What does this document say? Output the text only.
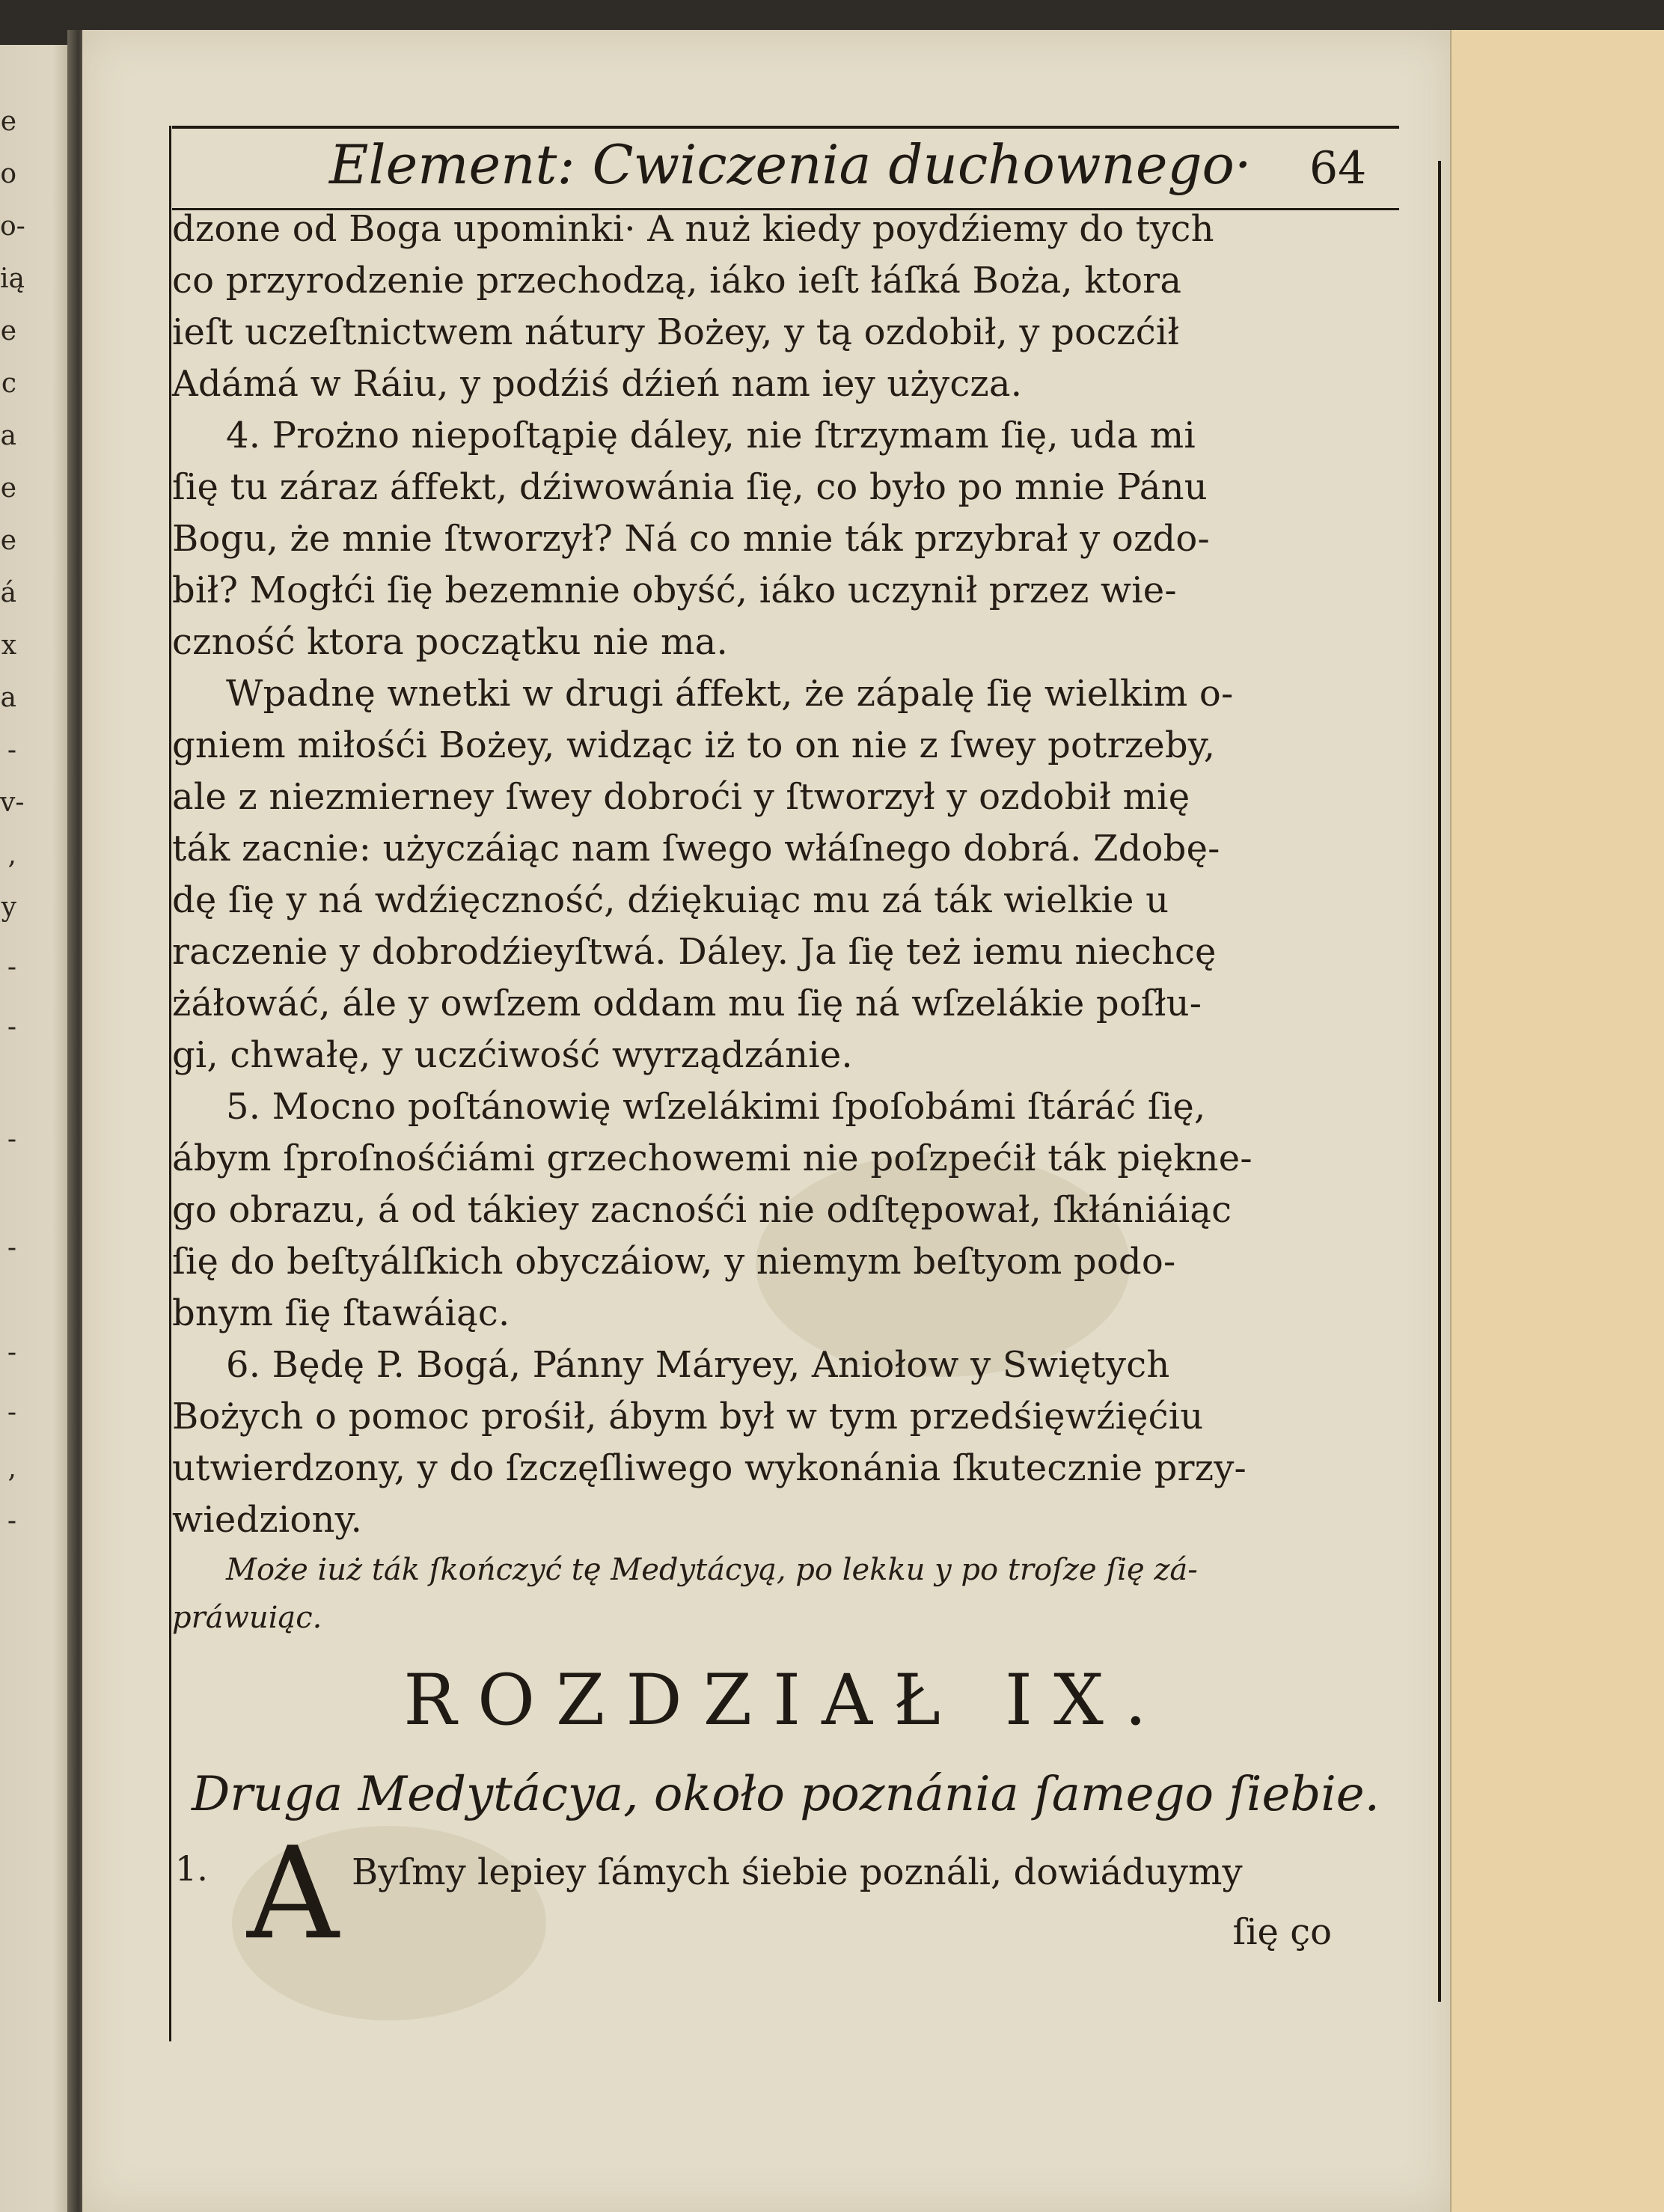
e
o
o-
ią
e
c
a
e
e
á
x
a
-
v-
,
y
-
-
-
-
-
-
,
-
Element: Cwiczenia duchownego· 64
dzone od Boga upominki· A nuż kiedy poydźiemy do tych
co przyrodzenie przechodzą, iáko ieſt łáſká Boża, ktora
ieſt uczeſtnictwem nátury Bożey, y tą ozdobił, y poczćił
Adámá w Ráiu, y podźiś dźień nam iey użycza.
4. Prożno niepoſtąpię dáley, nie ſtrzymam ſię, uda mi
ſię tu záraz áffekt, dźiwowánia ſię, co było po mnie Pánu
Bogu, że mnie ſtworzył? Ná co mnie ták przybrał y ozdo-
bił? Mogłći ſię bezemnie obyść, iáko uczynił przez wie-
czność ktora początku nie ma.
Wpadnę wnetki w drugi áffekt, że zápalę ſię wielkim o-
gniem miłośći Bożey, widząc iż to on nie z ſwey potrzeby,
ale z niezmierney ſwey dobroći y ſtworzył y ozdobił mię
ták zacnie: użyczáiąc nam ſwego włáſnego dobrá. Zdobę-
dę ſię y ná wdźięczność, dźiękuiąc mu zá ták wielkie u
raczenie y dobrodźieyſtwá. Dáley. Ja ſię też iemu niechcę
żáłowáć, ále y owſzem oddam mu ſię ná wſzelákie poſłu-
gi, chwałę, y uczćiwość wyrządzánie.
5. Mocno poſtánowię wſzelákimi ſpoſobámi ſtáráć ſię,
ábym ſproſnośćiámi grzechowemi nie poſzpećił ták piękne-
go obrazu, á od tákiey zacnośći nie odſtępował, ſkłániáiąc
ſię do beſtyálſkich obyczáiow, y niemym beſtyom podo-
bnym ſię ſtawáiąc.
6. Będę P. Bogá, Pánny Máryey, Aniołow y Swiętych
Bożych o pomoc prośił, ábym był w tym przedśięwźięćiu
utwierdzony, y do ſzczęſliwego wykonánia ſkutecznie przy-
wiedziony.
Może iuż ták ſkończyć tę Medytácyą, po lekku y po troſze ſię zá-
práwuiąc.
ROZDZIAŁ IX.
Druga Medytácya, około poznánia ſamego ſiebie.
1. A Byſmy lepiey ſámych śiebie poználi, dowiáduymy
ſię ço
